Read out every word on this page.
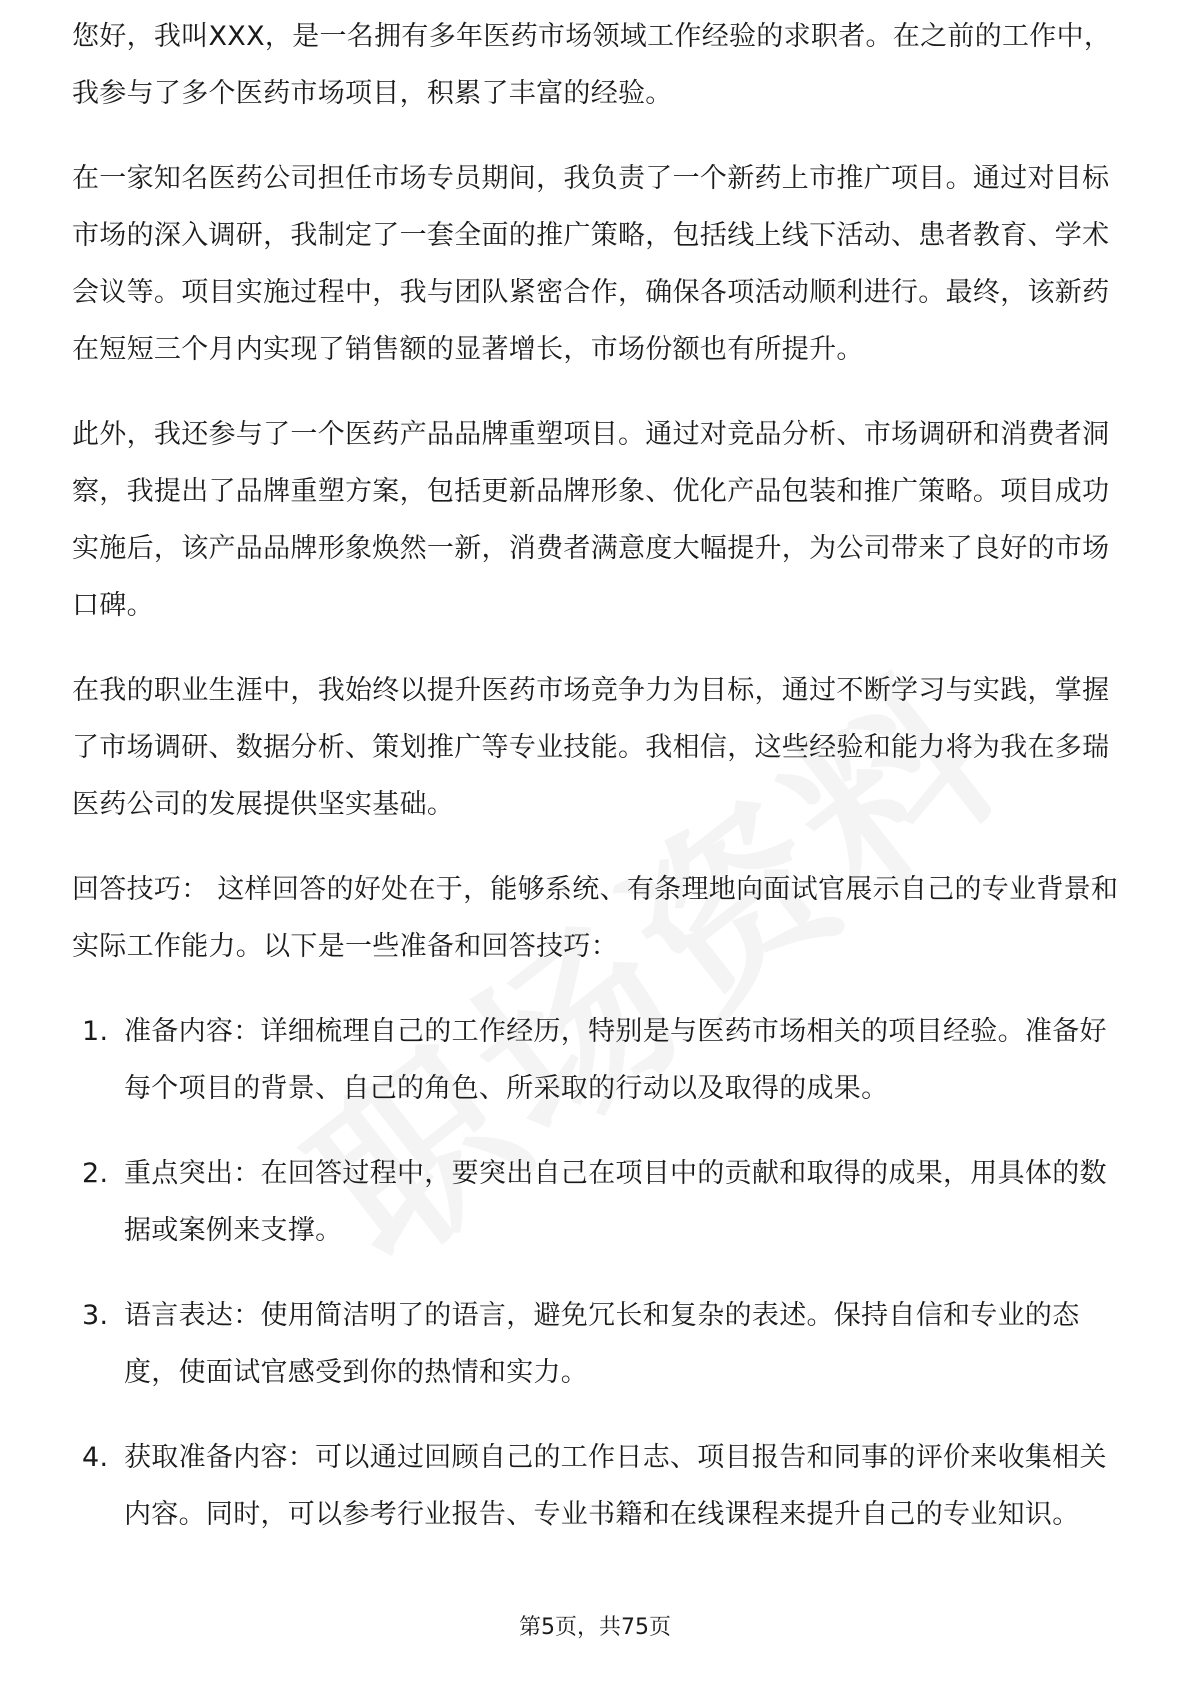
您好，我叫XXX，是一名拥有多年医药市场领域工作经验的求职者。在之前的工作中，我参与了多个医药市场项目，积累了丰富的经验。

在一家知名医药公司担任市场专员期间，我负责了一个新药上市推广项目。通过对目标市场的深入调研，我制定了一套全面的推广策略，包括线上线下活动、患者教育、学术会议等。项目实施过程中，我与团队紧密合作，确保各项活动顺利进行。最终，该新药在短短三个月内实现了销售额的显著增长，市场份额也有所提升。

此外，我还参与了一个医药产品品牌重塑项目。通过对竞品分析、市场调研和消费者洞察，我提出了品牌重塑方案，包括更新品牌形象、优化产品包装和推广策略。项目成功实施后，该产品品牌形象焕然一新，消费者满意度大幅提升，为公司带来了良好的市场口碑。

在我的职业生涯中，我始终以提升医药市场竞争力为目标，通过不断学习与实践，掌握了市场调研、数据分析、策划推广等专业技能。我相信，这些经验和能力将为我在多瑞医药公司的发展提供坚实基础。

回答技巧： 这样回答的好处在于，能够系统、有条理地向面试官展示自己的专业背景和实际工作能力。以下是一些准备和回答技巧：

1. 准备内容：详细梳理自己的工作经历，特别是与医药市场相关的项目经验。准备好每个项目的背景、自己的角色、所采取的行动以及取得的成果。
2. 重点突出：在回答过程中，要突出自己在项目中的贡献和取得的成果，用具体的数据或案例来支撑。
3. 语言表达：使用简洁明了的语言，避免冗长和复杂的表述。保持自信和专业的态度，使面试官感受到你的热情和实力。
4. 获取准备内容：可以通过回顾自己的工作日志、项目报告和同事的评价来收集相关内容。同时，可以参考行业报告、专业书籍和在线课程来提升自己的专业知识。
第5页，共75页
